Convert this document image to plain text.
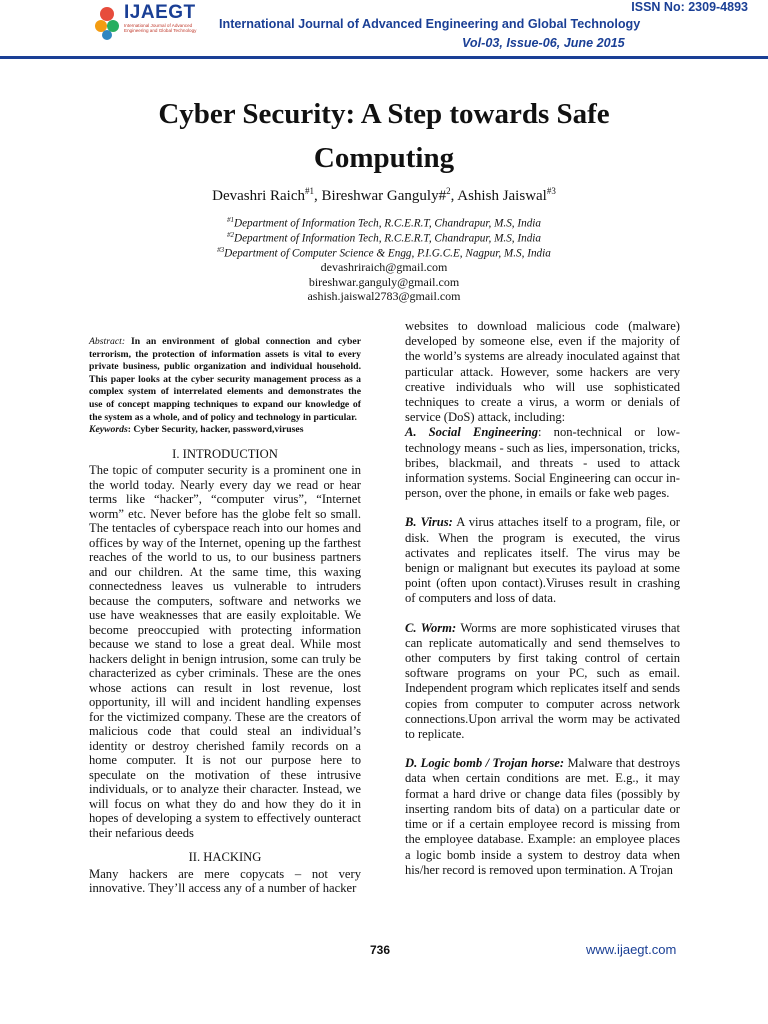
IJAEGT
International Journal of Advanced Engineering and Global Technology
ISSN No: 2309-4893
International Journal of Advanced Engineering and Global Technology
Vol-03, Issue-06, June 2015
Cyber Security: A Step towards Safe
Computing
Devashri Raich$^{\#1}$, Bireshwar Ganguly#$^2$, Ashish Jaiswal$^{\#3}$
$^{\#1}$Department of Information Tech, R.C.E.R.T, Chandrapur, M.S, India
$^{\#2}$Department of Information Tech, R.C.E.R.T, Chandrapur, M.S, India
$^{\#3}$Department of Computer Science & Engg, P.I.G.C.E, Nagpur, M.S, India
devashriraich@gmail.com
bireshwar.ganguly@gmail.com
ashish.jaiswal2783@gmail.com

Abstract: In an environment of global connection and cyber terrorism, the protection of information assets is vital to every private business, public organization and individual household. This paper looks at the cyber security management process as a complex system of interrelated elements and demonstrates the use of concept mapping techniques to expand our knowledge of the system as a whole, and of policy and technology in particular.

Keywords: Cyber Security, hacker, password,viruses

I. INTRODUCTION

The topic of computer security is a prominent one in the world today. Nearly every day we read or hear terms like “hacker”, “computer virus”, “Internet worm” etc. Never before has the globe felt so small. The tentacles of cyberspace reach into our homes and offices by way of the Internet, opening up the farthest reaches of the world to us, to our business partners and our children. At the same time, this waxing connectedness leaves us vulnerable to intruders because the computers, software and networks we use have weaknesses that are easily exploitable. We become preoccupied with protecting information because we stand to lose a great deal. While most hackers delight in benign intrusion, some can truly be characterized as cyber criminals. These are the ones whose actions can result in lost revenue, lost opportunity, ill will and incident handling expenses for the victimized company. These are the creators of malicious code that could steal an individual’s identity or destroy cherished family records on a home computer. It is not our purpose here to speculate on the motivation of these intrusive individuals, or to analyze their character. Instead, we will focus on what they do and how they do it in hopes of developing a system to effectively ounteract their nefarious deeds

II. HACKING

Many hackers are mere copycats – not very innovative. They’ll access any of a number of hacker

websites to download malicious code (malware) developed by someone else, even if the majority of the world’s systems are already inoculated against that particular attack. However, some hackers are very creative individuals who will use sophisticated techniques to create a virus, a worm or denials of service (DoS) attack, including:

A. Social Engineering: non-technical or low-technology means - such as lies, impersonation, tricks, bribes, blackmail, and threats - used to attack information systems. Social Engineering can occur in-person, over the phone, in emails or fake web pages.

B. Virus: A virus attaches itself to a program, file, or disk. When the program is executed, the virus activates and replicates itself. The virus may be benign or malignant but executes its payload at some point (often upon contact).Viruses result in crashing of computers and loss of data.

C. Worm: Worms are more sophisticated viruses that can replicate automatically and send themselves to other computers by first taking control of certain software programs on your PC, such as email. Independent program which replicates itself and sends copies from computer to computer across network connections.Upon arrival the worm may be activated to replicate.

D. Logic bomb / Trojan horse: Malware that destroys data when certain conditions are met. E.g., it may format a hard drive or change data files (possibly by inserting random bits of data) on a particular date or time or if a certain employee record is missing from the employee database. Example: an employee places a logic bomb inside a system to destroy data when his/her record is removed upon termination. A Trojan

736	www.ijaegt.com
